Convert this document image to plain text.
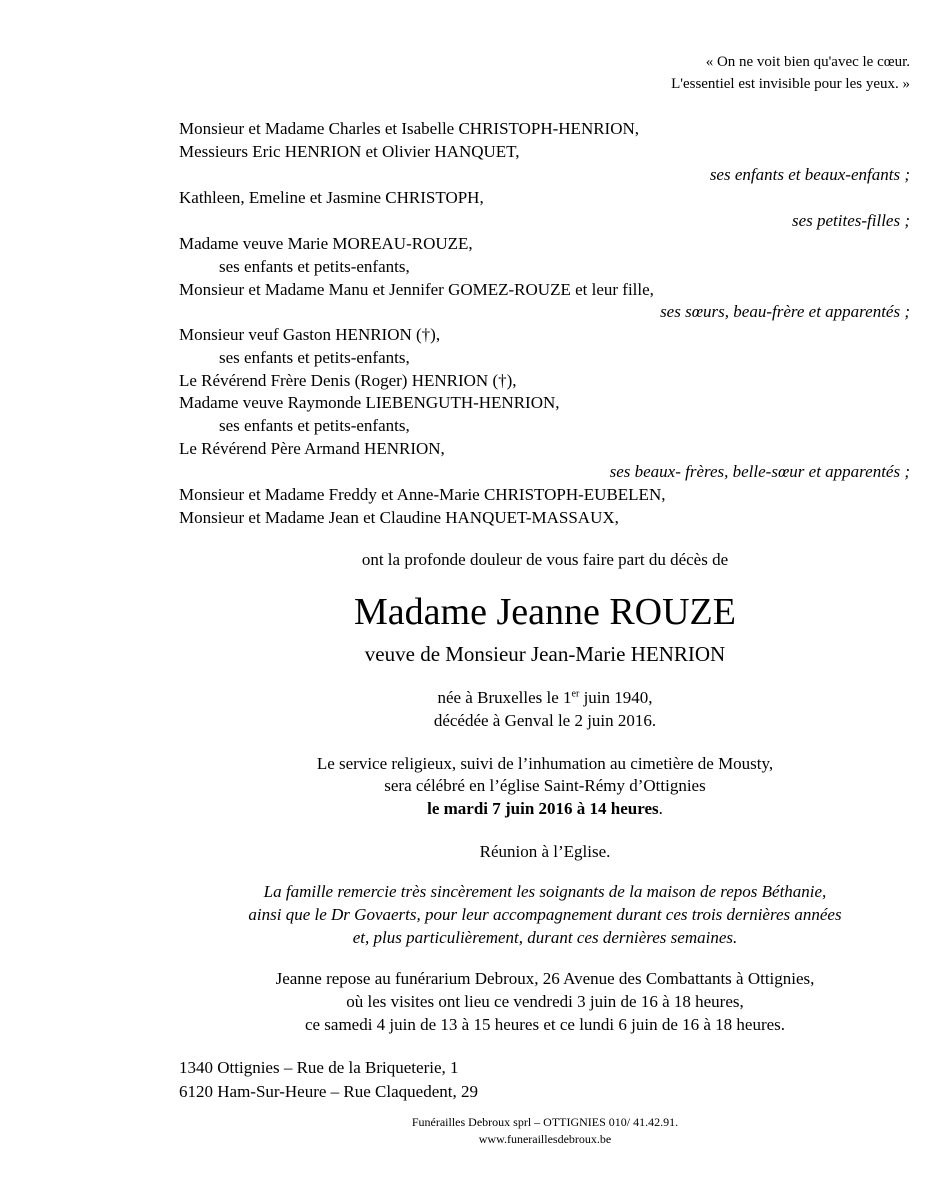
« On ne voit bien qu'avec le cœur.
L'essentiel est invisible pour les yeux. »
Monsieur et Madame Charles et Isabelle CHRISTOPH-HENRION,
Messieurs Eric HENRION et Olivier HANQUET,
ses enfants et beaux-enfants ;
Kathleen, Emeline et Jasmine CHRISTOPH,
ses petites-filles ;
Madame veuve Marie MOREAU-ROUZE,
ses enfants et petits-enfants,
Monsieur et Madame Manu et Jennifer GOMEZ-ROUZE et leur fille,
ses sœurs, beau-frère et apparentés ;
Monsieur veuf Gaston HENRION (†),
ses enfants et petits-enfants,
Le Révérend Frère Denis (Roger) HENRION (†),
Madame veuve Raymonde LIEBENGUTH-HENRION,
ses enfants et petits-enfants,
Le Révérend Père Armand HENRION,
ses beaux- frères, belle-sœur et apparentés ;
Monsieur et Madame Freddy et Anne-Marie CHRISTOPH-EUBELEN,
Monsieur et Madame Jean et Claudine HANQUET-MASSAUX,
ont la profonde douleur de vous faire part du décès de
Madame Jeanne ROUZE
veuve de Monsieur Jean-Marie HENRION
née à Bruxelles le 1er juin 1940,
décédée à Genval le 2 juin 2016.
Le service religieux, suivi de l’inhumation au cimetière de Mousty,
sera célébré en l’église Saint-Rémy d’Ottignies
le mardi 7 juin 2016 à 14 heures.
Réunion à l’Eglise.
La famille remercie très sincèrement les soignants de la maison de repos Béthanie,
ainsi que le Dr Govaerts, pour leur accompagnement durant ces trois dernières années
et, plus particulièrement, durant ces dernières semaines.
Jeanne repose au funérarium Debroux, 26 Avenue des Combattants à Ottignies,
où les visites ont lieu ce vendredi 3 juin de 16 à 18 heures,
ce samedi 4 juin de 13 à 15 heures et ce lundi 6 juin de 16 à 18 heures.
1340 Ottignies – Rue de la Briqueterie, 1
6120 Ham-Sur-Heure – Rue Claquedent, 29
Funérailles Debroux sprl – OTTIGNIES 010/ 41.42.91.
www.funeraillesdebroux.be
